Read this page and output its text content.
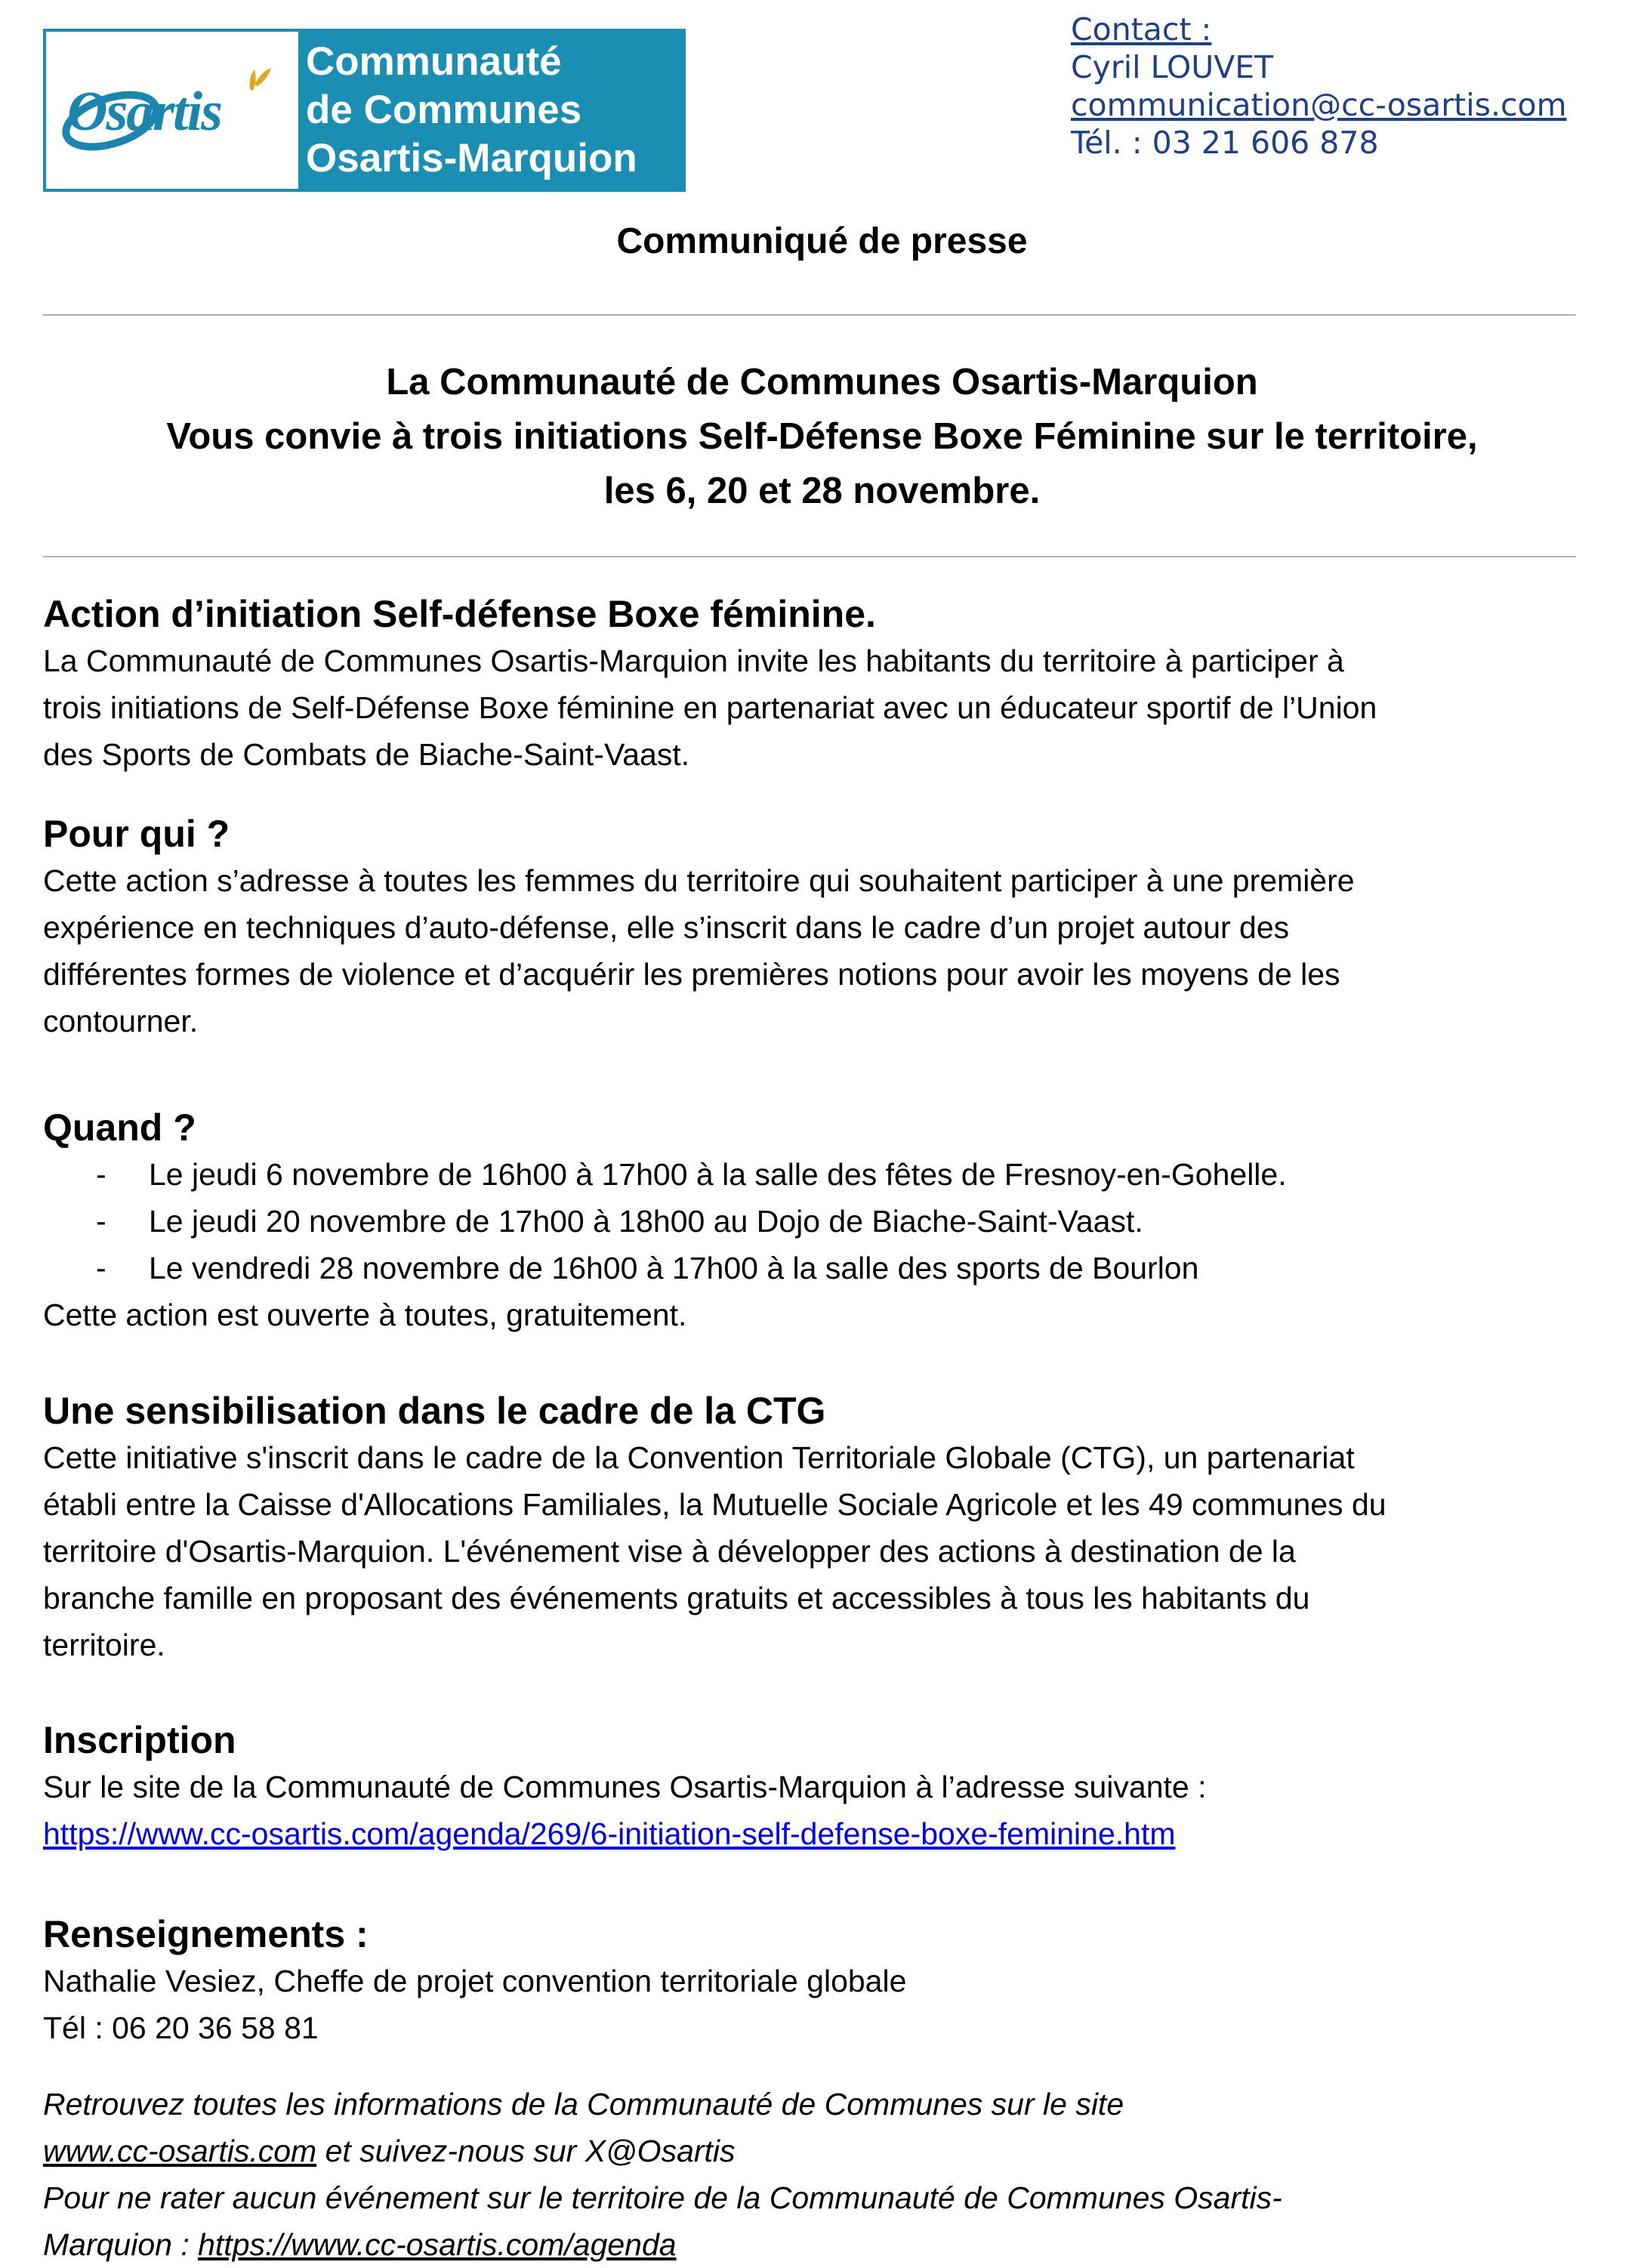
Osartis
Communauté
de Communes
Osartis-Marquion
Contact :
Cyril LOUVET
communication@cc-osartis.com
Tél. : 03 21 606 878
Communiqué de presse
La Communauté de Communes Osartis-Marquion
Vous convie à trois initiations Self-Défense Boxe Féminine sur le territoire,
les 6, 20 et 28 novembre.
Action d’initiation Self-défense Boxe féminine.

La Communauté de Communes Osartis-Marquion invite les habitants du territoire à participer à

trois initiations de Self-Défense Boxe féminine en partenariat avec un éducateur sportif de l’Union

des Sports de Combats de Biache-Saint-Vaast.

Pour qui ?

Cette action s’adresse à toutes les femmes du territoire qui souhaitent participer à une première

expérience en techniques d’auto-défense, elle s’inscrit dans le cadre d’un projet autour des

différentes formes de violence et d’acquérir les premières notions pour avoir les moyens de les

contourner.

Quand ?
- Le jeudi 6 novembre de 16h00 à 17h00 à la salle des fêtes de Fresnoy-en-Gohelle.
- Le jeudi 20 novembre de 17h00 à 18h00 au Dojo de Biache-Saint-Vaast.
- Le vendredi 28 novembre de 16h00 à 17h00 à la salle des sports de Bourlon

Cette action est ouverte à toutes, gratuitement.

Une sensibilisation dans le cadre de la CTG

Cette initiative s'inscrit dans le cadre de la Convention Territoriale Globale (CTG), un partenariat

établi entre la Caisse d'Allocations Familiales, la Mutuelle Sociale Agricole et les 49 communes du

territoire d'Osartis-Marquion. L'événement vise à développer des actions à destination de la

branche famille en proposant des événements gratuits et accessibles à tous les habitants du

territoire.

Inscription

Sur le site de la Communauté de Communes Osartis-Marquion à l’adresse suivante :

https://www.cc-osartis.com/agenda/269/6-initiation-self-defense-boxe-feminine.htm

Renseignements :

Nathalie Vesiez, Cheffe de projet convention territoriale globale

Tél : 06 20 36 58 81

Retrouvez toutes les informations de la Communauté de Communes sur le site

www.cc-osartis.com et suivez-nous sur X@Osartis

Pour ne rater aucun événement sur le territoire de la Communauté de Communes Osartis-

Marquion : https://www.cc-osartis.com/agenda
